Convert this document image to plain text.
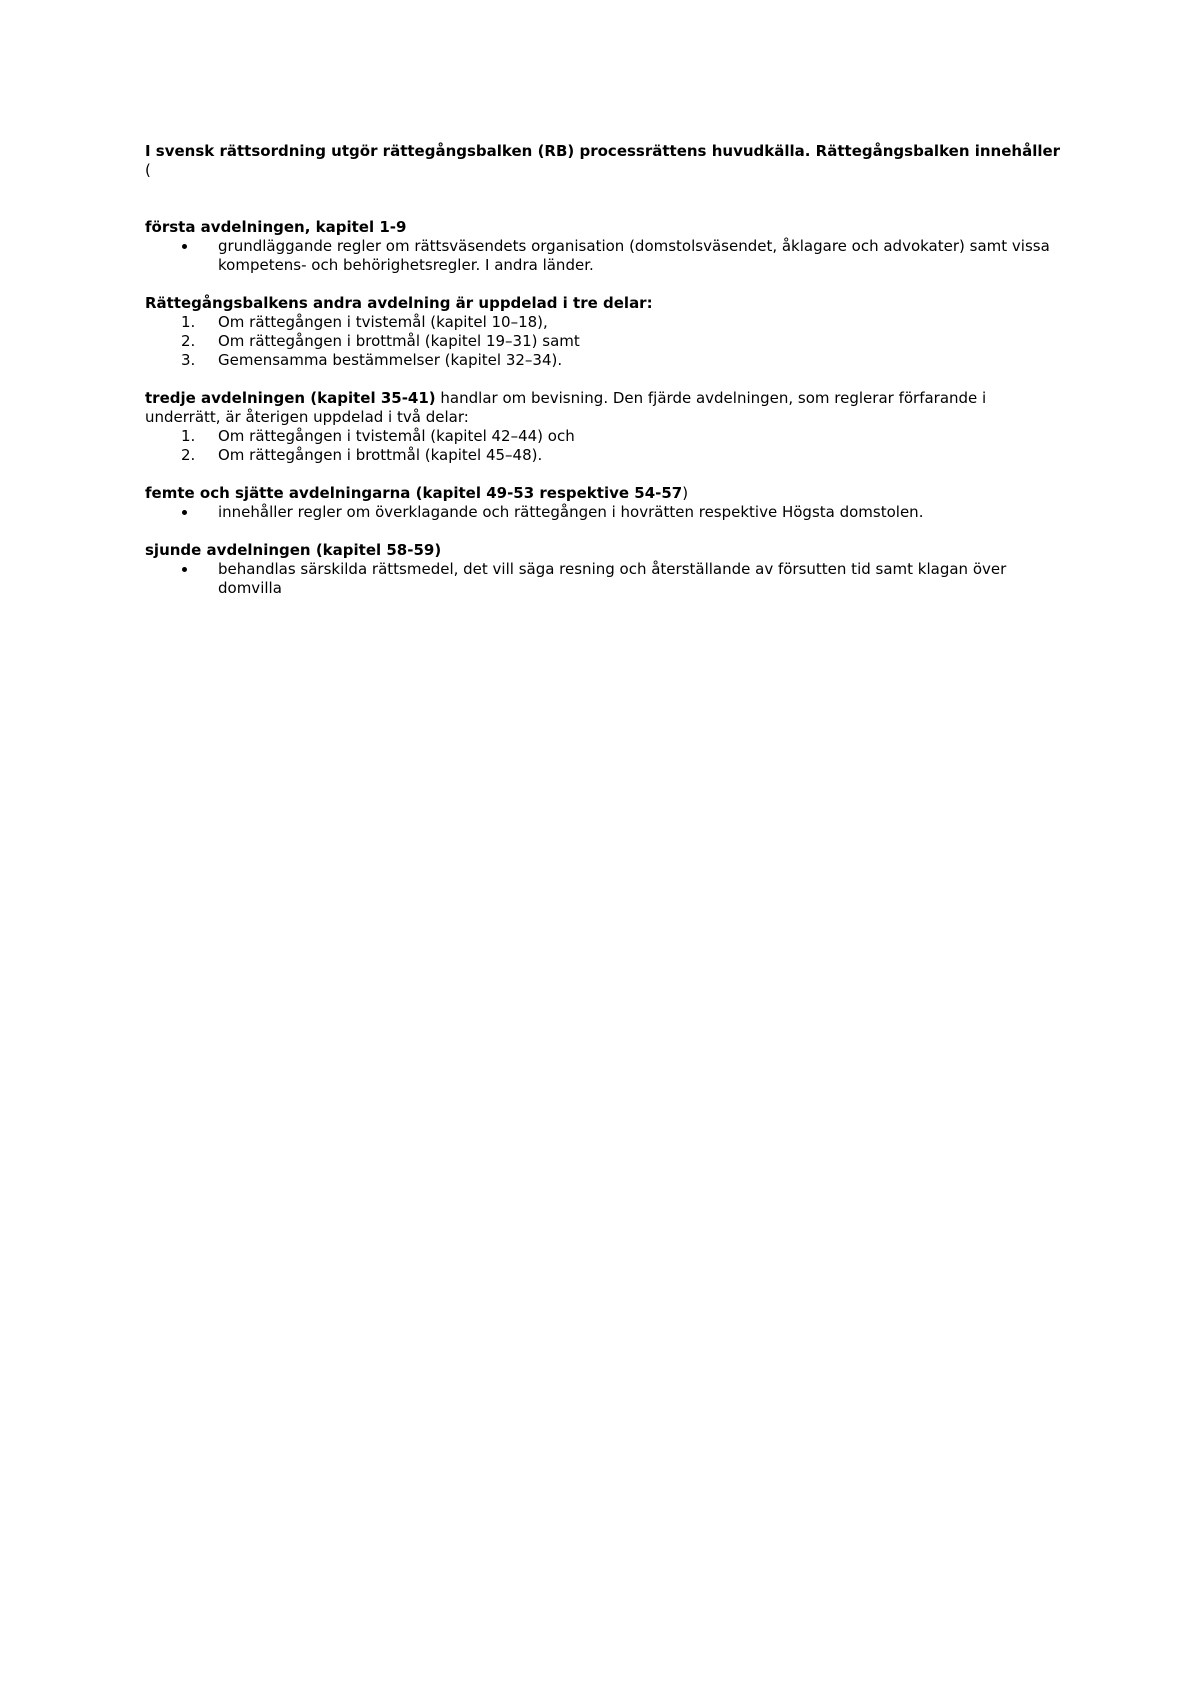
I svensk rättsordning utgör rättegångsbalken (RB) processrättens huvudkälla. Rättegångsbalken innehåller (

första avdelningen, kapitel 1-9

grundläggande regler om rättsväsendets organisation (domstolsväsendet, åklagare och advokater) samt vissa kompetens- och behörighetsregler. I andra länder.

Rättegångsbalkens andra avdelning är uppdelad i tre delar:

1.	Om rättegången i tvistemål (kapitel 10–18),
2.	Om rättegången i brottmål (kapitel 19–31) samt
3.	Gemensamma bestämmelser (kapitel 32–34).

tredje avdelningen (kapitel 35-41) handlar om bevisning. Den fjärde avdelningen, som reglerar förfarande i underrätt, är återigen uppdelad i två delar:

1.	Om rättegången i tvistemål (kapitel 42–44) och
2.	Om rättegången i brottmål (kapitel 45–48).

femte och sjätte avdelningarna (kapitel 49-53 respektive 54-57)

innehåller regler om överklagande och rättegången i hovrätten respektive Högsta domstolen.

sjunde avdelningen (kapitel 58-59)

behandlas särskilda rättsmedel, det vill säga resning och återställande av försutten tid samt klagan över domvilla
